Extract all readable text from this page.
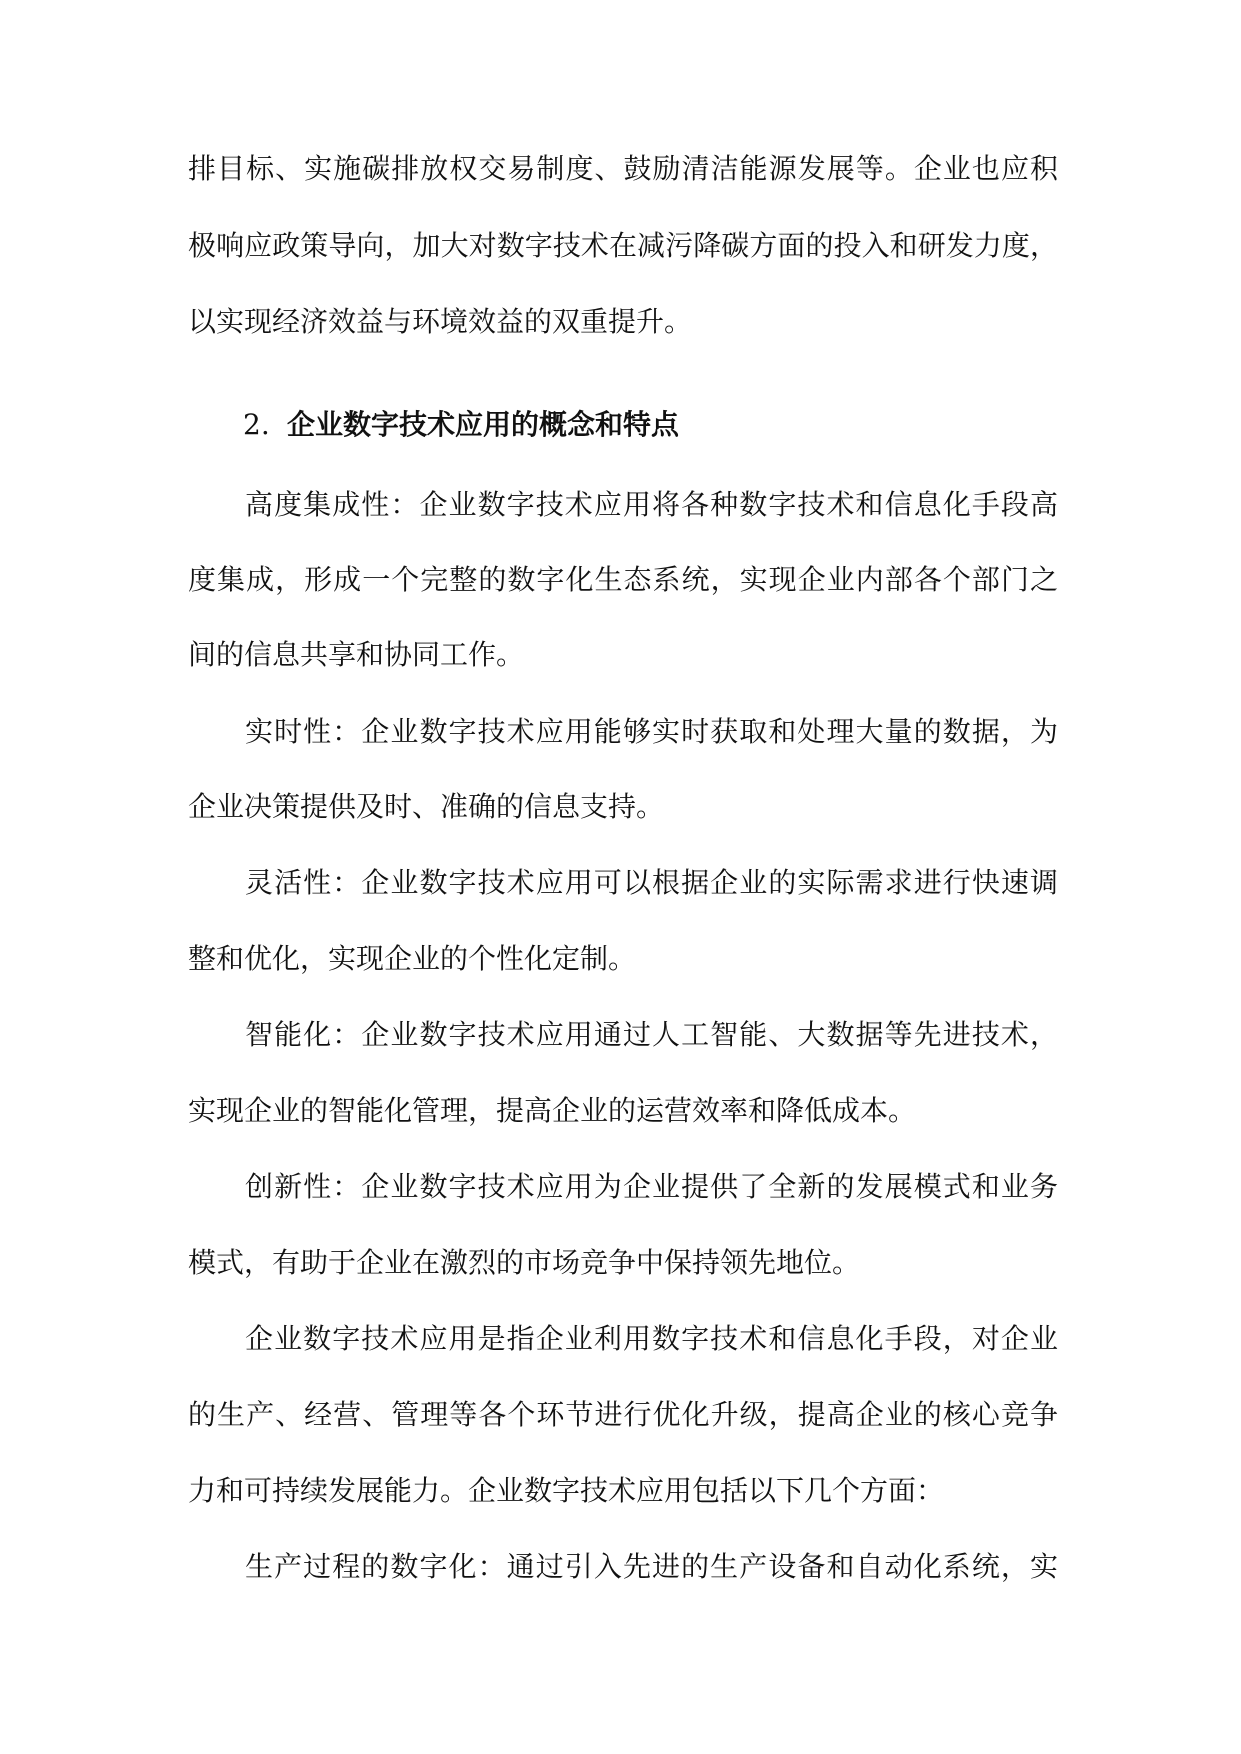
排目标、实施碳排放权交易制度、鼓励清洁能源发展等。企业也应积
极响应政策导向，加大对数字技术在减污降碳方面的投入和研发力度，
以实现经济效益与环境效益的双重提升。
2. 企业数字技术应用的概念和特点
高度集成性：企业数字技术应用将各种数字技术和信息化手段高
度集成，形成一个完整的数字化生态系统，实现企业内部各个部门之
间的信息共享和协同工作。
实时性：企业数字技术应用能够实时获取和处理大量的数据，为
企业决策提供及时、准确的信息支持。
灵活性：企业数字技术应用可以根据企业的实际需求进行快速调
整和优化，实现企业的个性化定制。
智能化：企业数字技术应用通过人工智能、大数据等先进技术，
实现企业的智能化管理，提高企业的运营效率和降低成本。
创新性：企业数字技术应用为企业提供了全新的发展模式和业务
模式，有助于企业在激烈的市场竞争中保持领先地位。
企业数字技术应用是指企业利用数字技术和信息化手段，对企业
的生产、经营、管理等各个环节进行优化升级，提高企业的核心竞争
力和可持续发展能力。企业数字技术应用包括以下几个方面：
生产过程的数字化：通过引入先进的生产设备和自动化系统，实
